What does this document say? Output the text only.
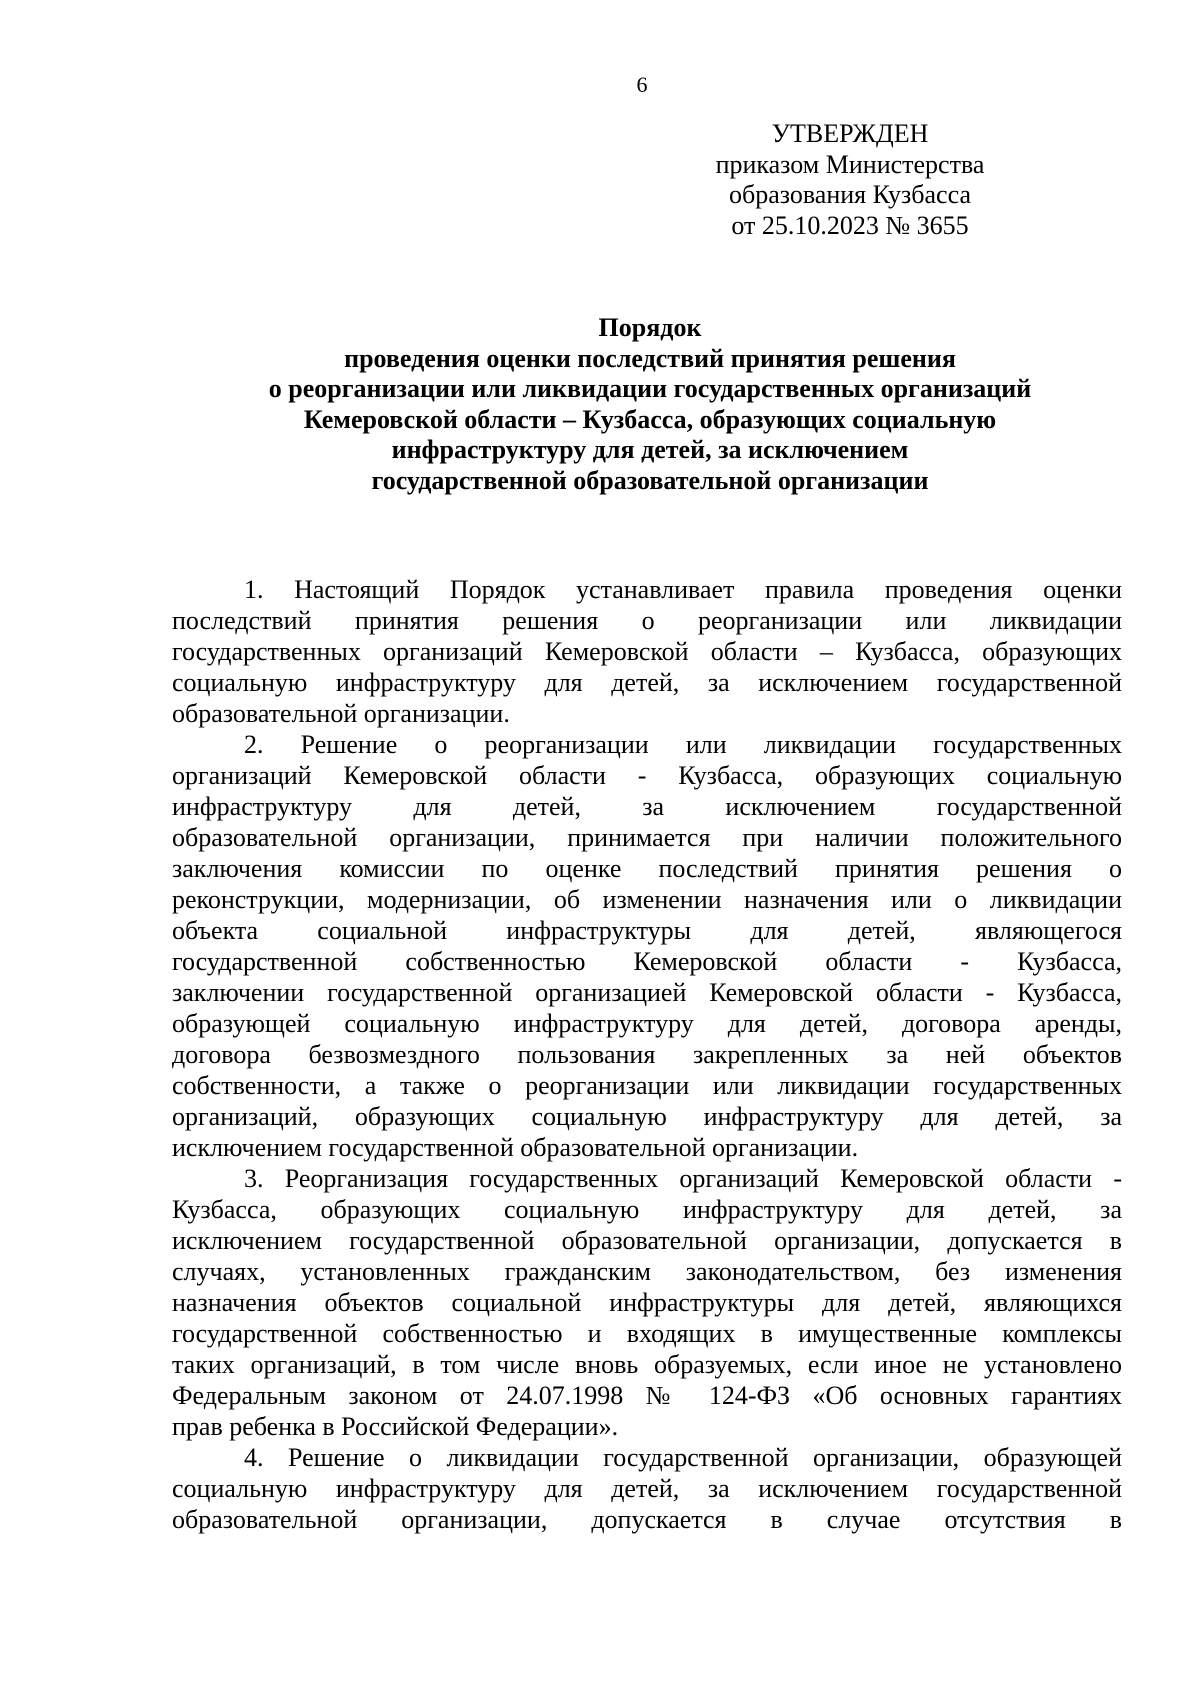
6
УТВЕРЖДЕН
приказом Министерства
образования Кузбасса
от 25.10.2023 № 3655
Порядок
проведения оценки последствий принятия решения
о реорганизации или ликвидации государственных организаций
Кемеровской области – Кузбасса, образующих социальную
инфраструктуру для детей, за исключением
государственной образовательной организации
1. Настоящий Порядок устанавливает правила проведения оценки
последствий принятия решения о реорганизации или ликвидации
государственных организаций Кемеровской области – Кузбасса, образующих
социальную инфраструктуру для детей, за исключением государственной
образовательной организации.
2. Решение о реорганизации или ликвидации государственных
организаций Кемеровской области - Кузбасса, образующих социальную
инфраструктуру для детей, за исключением государственной
образовательной организации, принимается при наличии положительного
заключения комиссии по оценке последствий принятия решения о
реконструкции, модернизации, об изменении назначения или о ликвидации
объекта социальной инфраструктуры для детей, являющегося
государственной собственностью Кемеровской области - Кузбасса,
заключении государственной организацией Кемеровской области - Кузбасса,
образующей социальную инфраструктуру для детей, договора аренды,
договора безвозмездного пользования закрепленных за ней объектов
собственности, а также о реорганизации или ликвидации государственных
организаций, образующих социальную инфраструктуру для детей, за
исключением государственной образовательной организации.
3. Реорганизация государственных организаций Кемеровской области -
Кузбасса, образующих социальную инфраструктуру для детей, за
исключением государственной образовательной организации, допускается в
случаях, установленных гражданским законодательством, без изменения
назначения объектов социальной инфраструктуры для детей, являющихся
государственной собственностью и входящих в имущественные комплексы
таких организаций, в том числе вновь образуемых, если иное не установлено
Федеральным законом от 24.07.1998 № 124-ФЗ «Об основных гарантиях
прав ребенка в Российской Федерации».
4. Решение о ликвидации государственной организации, образующей
социальную инфраструктуру для детей, за исключением государственной
образовательной организации, допускается в случае отсутствия в
